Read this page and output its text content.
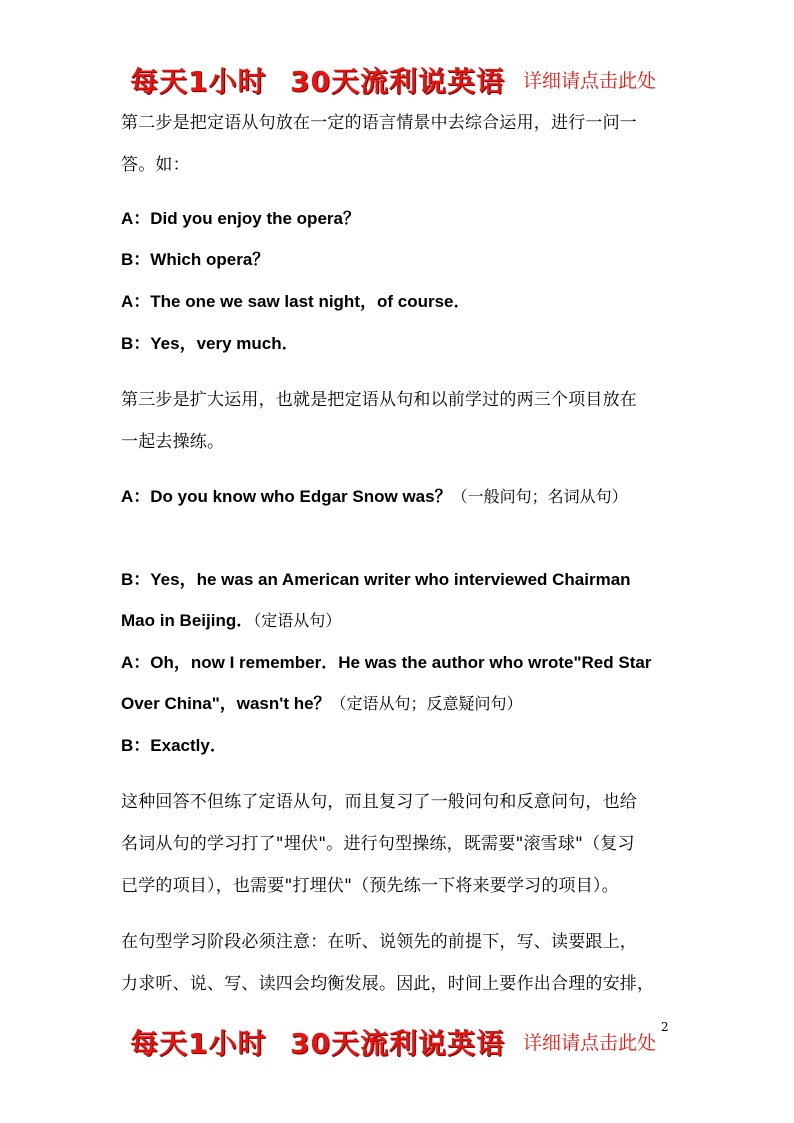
每天1小时 30天流利说英语 详细请点击此处
第二步是把定语从句放在一定的语言情景中去综合运用，进行一问一
答。如：
A：Did you enjoy the opera？
B：Which opera？
A：The one we saw last night，of course．
B：Yes，very much．
第三步是扩大运用，也就是把定语从句和以前学过的两三个项目放在
一起去操练。
A：Do you know who Edgar Snow was？（一般问句；名词从句）
B：Yes，he was an American writer who interviewed Chairman
Mao in Beijing．（定语从句）
A：Oh，now I remember．He was the author who wrote"Red Star
Over China"，wasn't he？（定语从句；反意疑问句）
B：Exactly．
这种回答不但练了定语从句，而且复习了一般问句和反意问句，也给
名词从句的学习打了"埋伏"。进行句型操练，既需要"滚雪球"（复习
已学的项目），也需要"打埋伏"（预先练一下将来要学习的项目）。
在句型学习阶段必须注意：在听、说领先的前提下，写、读要跟上，
力求听、说、写、读四会均衡发展。因此，时间上要作出合理的安排，
每天1小时 30天流利说英语 详细请点击此处
2
